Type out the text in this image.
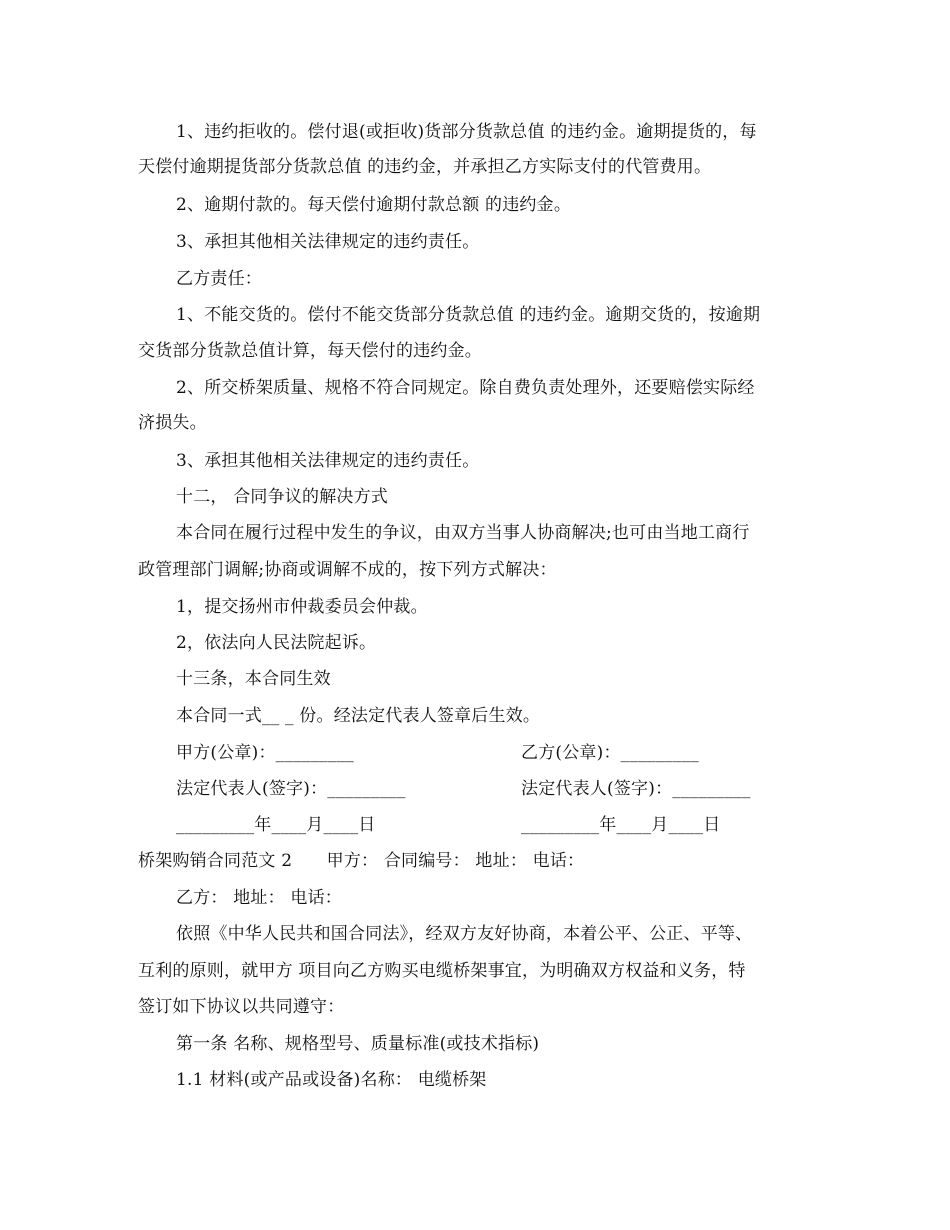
1、违约拒收的。偿付退(或拒收)货部分货款总值 的违约金。逾期提货的，每
天偿付逾期提货部分货款总值 的违约金，并承担乙方实际支付的代管费用。
2、逾期付款的。每天偿付逾期付款总额 的违约金。
3、承担其他相关法律规定的违约责任。
乙方责任：
1、不能交货的。偿付不能交货部分货款总值 的违约金。逾期交货的，按逾期
交货部分货款总值计算，每天偿付的违约金。
2、所交桥架质量、规格不符合同规定。除自费负责处理外，还要赔偿实际经
济损失。
3、承担其他相关法律规定的违约责任。
十二， 合同争议的解决方式
本合同在履行过程中发生的争议，由双方当事人协商解决;也可由当地工商行
政管理部门调解;协商或调解不成的，按下列方式解决：
1，提交扬州市仲裁委员会仲裁。
2，依法向人民法院起诉。
十三条，本合同生效
本合同一式__ _ 份。经法定代表人签章后生效。
甲方(公章)：_________	乙方(公章)：_________
法定代表人(签字)：_________	法定代表人(签字)：_________
_________年____月____日	_________年____月____日
桥架购销合同范文 2　　甲方： 合同编号： 地址： 电话：
乙方： 地址： 电话：
依照《中华人民共和国合同法》，经双方友好协商，本着公平、公正、平等、
互利的原则，就甲方 项目向乙方购买电缆桥架事宜，为明确双方权益和义务，特
签订如下协议以共同遵守：
第一条 名称、规格型号、质量标准(或技术指标)
1.1 材料(或产品或设备)名称： 电缆桥架
